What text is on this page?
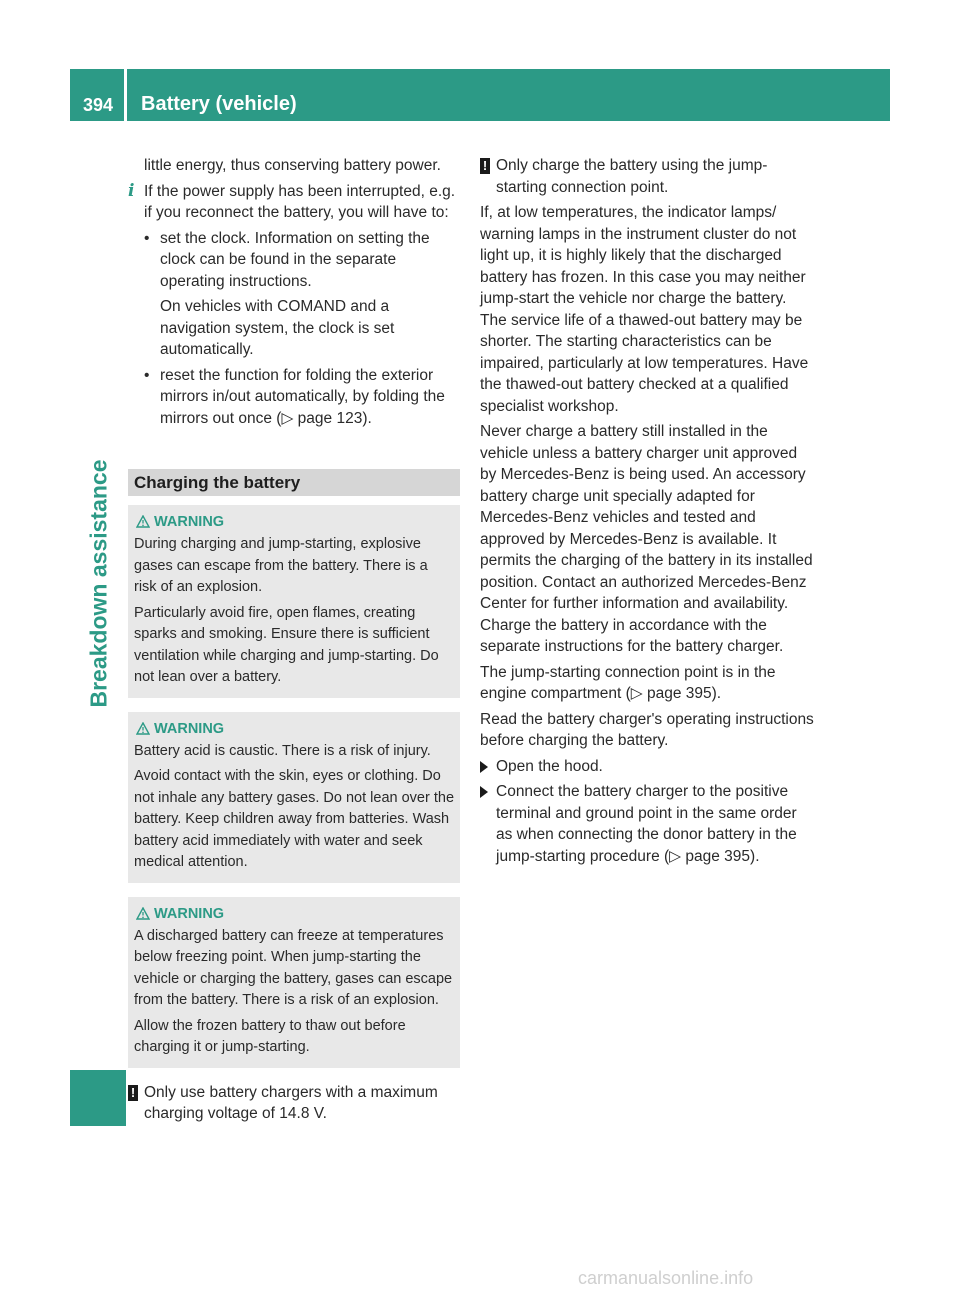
394	Battery (vehicle)
Breakdown assistance

little energy, thus conserving battery power.

i If the power supply has been interrupted, e.g. if you reconnect the battery, you will have to:

• set the clock. Information on setting the clock can be found in the separate operating instructions.

On vehicles with COMAND and a navigation system, the clock is set automatically.

• reset the function for folding the exterior mirrors in/out automatically, by folding the mirrors out once (▷ page 123).

Charging the battery
WARNING

During charging and jump-starting, explosive gases can escape from the battery. There is a risk of an explosion.

Particularly avoid fire, open flames, creating sparks and smoking. Ensure there is sufficient ventilation while charging and jump-starting. Do not lean over a battery.

WARNING

Battery acid is caustic. There is a risk of injury.

Avoid contact with the skin, eyes or clothing. Do not inhale any battery gases. Do not lean over the battery. Keep children away from batteries. Wash battery acid immediately with water and seek medical attention.

WARNING

A discharged battery can freeze at temperatures below freezing point. When jump-starting the vehicle or charging the battery, gases can escape from the battery. There is a risk of an explosion.

Allow the frozen battery to thaw out before charging it or jump-starting.

! Only use battery chargers with a maximum charging voltage of 14.8 V.

! Only charge the battery using the jump-starting connection point.

If, at low temperatures, the indicator lamps/ warning lamps in the instrument cluster do not light up, it is highly likely that the discharged battery has frozen. In this case you may neither jump-start the vehicle nor charge the battery. The service life of a thawed-out battery may be shorter. The starting characteristics can be impaired, particularly at low temperatures. Have the thawed-out battery checked at a qualified specialist workshop.

Never charge a battery still installed in the vehicle unless a battery charger unit approved by Mercedes-Benz is being used. An accessory battery charge unit specially adapted for Mercedes-Benz vehicles and tested and approved by Mercedes-Benz is available. It permits the charging of the battery in its installed position. Contact an authorized Mercedes-Benz Center for further information and availability. Charge the battery in accordance with the separate instructions for the battery charger.

The jump-starting connection point is in the engine compartment (▷ page 395).

Read the battery charger's operating instructions before charging the battery.

Open the hood.

Connect the battery charger to the positive terminal and ground point in the same order as when connecting the donor battery in the jump-starting procedure (▷ page 395).

carmanualsonline.info
